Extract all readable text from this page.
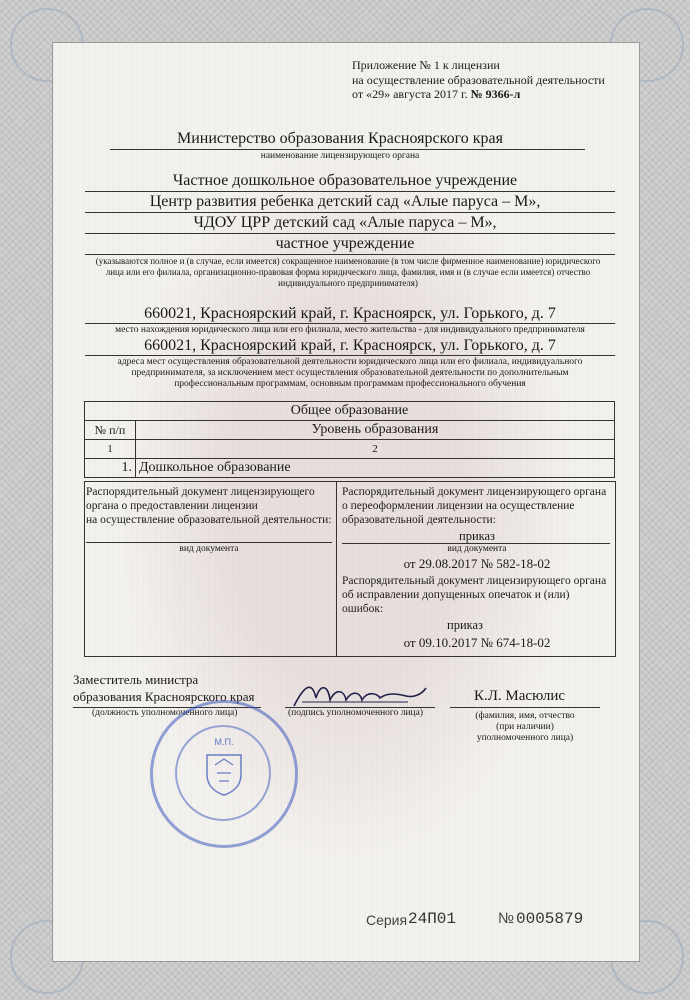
Приложение № 1 к лицензии
на осуществление образовательной деятельности
от «29» августа 2017 г. № 9366-л
Министерство образования Красноярского края
наименование лицензирующего органа
Частное дошкольное образовательное учреждение
Центр развития ребенка детский сад «Алые паруса – М»,
ЧДОУ ЦРР детский сад «Алые паруса – М»,
частное учреждение
(указываются полное и (в случае, если имеется) сокращенное наименование (в том числе фирменное наименование) юридического
лица или его филиала, организационно-правовая форма юридического лица, фамилия, имя и (в случае если имеется) отчество
индивидуального предпринимателя)
660021, Красноярский край, г. Красноярск, ул. Горького, д. 7
место нахождения юридического лица или его филиала, место жительства - для индивидуального предпринимателя
660021, Красноярский край, г. Красноярск, ул. Горького, д. 7
адреса мест осуществления образовательной деятельности юридического лица или его филиала, индивидуального
предпринимателя, за исключением мест осуществления образовательной деятельности по дополнительным
профессиональным программам, основным программам профессионального обучения
Общее образование	
№ п/п	Уровень образования
1	2
1.	Дошкольное образование
Распорядительный документ лицензирующего
органа о предоставлении лицензии
на осуществление образовательной деятельности:
вид документа
Распорядительный документ лицензирующего органа
о переоформлении лицензии на осуществление
образовательной деятельности:
приказ
вид документа
от 29.08.2017 № 582-18-02
Распорядительный документ лицензирующего органа
об исправлении допущенных опечаток и (или)
ошибок:
приказ
от 09.10.2017 № 674-18-02
Заместитель министра
образования Красноярского края
(должность уполномоченного лица)	(подпись уполномоченного лица)
К.Л. Масюлис
(фамилия, имя, отчество
(при наличии)
уполномоченного лица)
М.П.
Серия 24П01	№ 0005879
